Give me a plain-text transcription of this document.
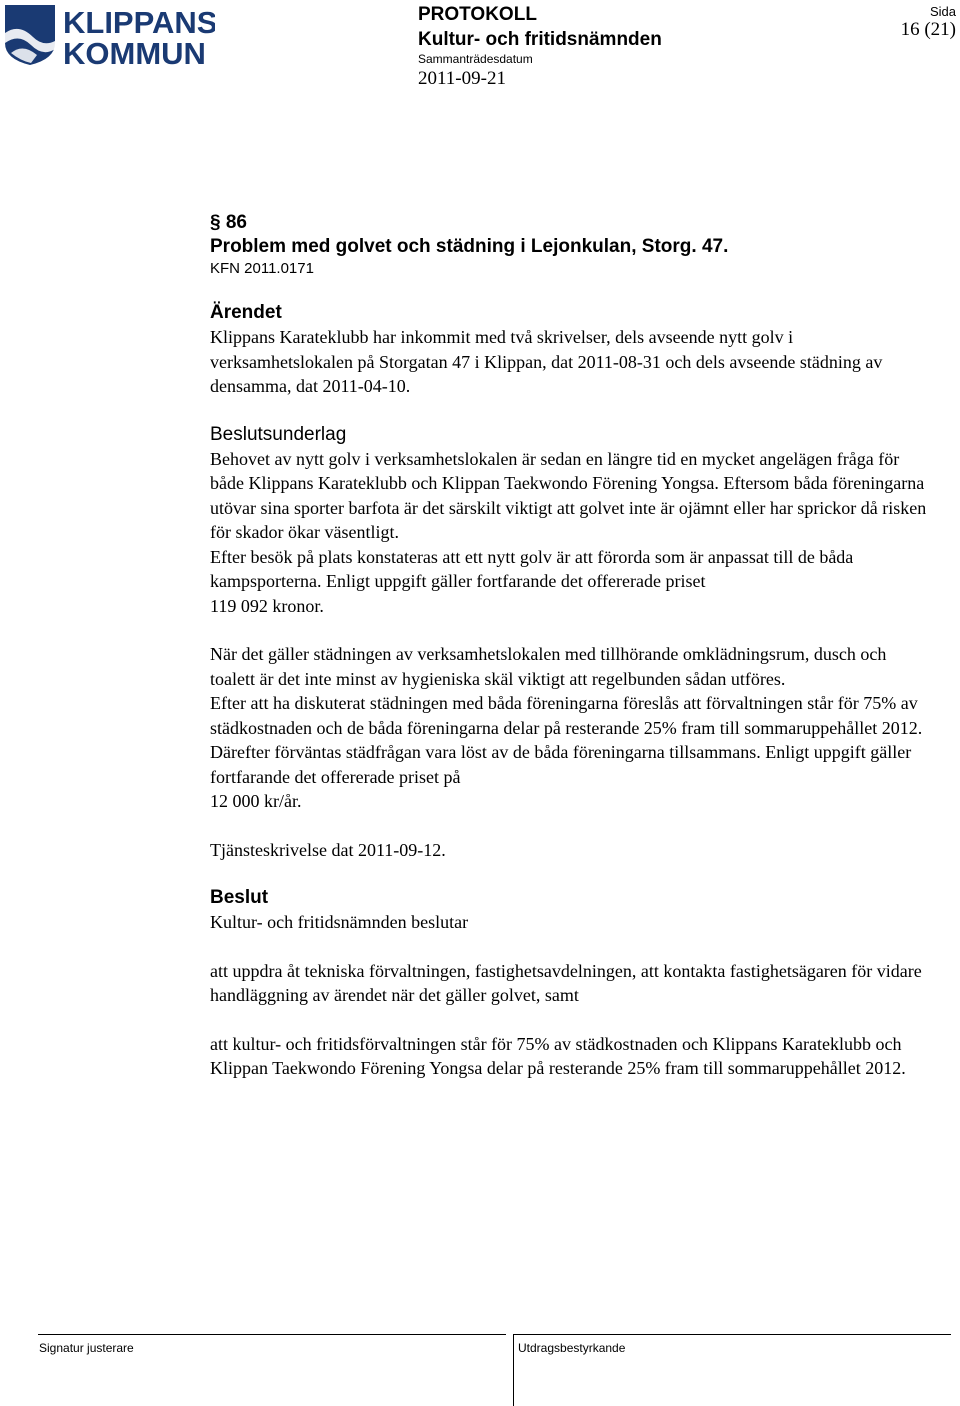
KLIPPANS
KOMMUN
PROTOKOLL
Kultur- och fritidsnämnden
Sammanträdesdatum
2011-09-21
Sida
16 (21)
§ 86
Problem med golvet och städning i Lejonkulan, Storg. 47.
KFN 2011.0171
Ärendet

Klippans Karateklubb har inkommit med två skrivelser, dels avseende nytt golv i verksamhetslokalen på Storgatan 47 i Klippan, dat 2011-08-31 och dels avseende städning av densamma, dat 2011-04-10.

Beslutsunderlag

Behovet av nytt golv i verksamhetslokalen är sedan en längre tid en mycket angelägen fråga för både Klippans Karateklubb och Klippan Taekwondo Förening Yongsa. Eftersom båda föreningarna utövar sina sporter barfota är det särskilt viktigt att golvet inte är ojämnt eller har sprickor då risken för skador ökar väsentligt.

Efter besök på plats konstateras att ett nytt golv är att förorda som är anpassat till de båda kampsporterna. Enligt uppgift gäller fortfarande det offererade priset

119 092 kronor.

När det gäller städningen av verksamhetslokalen med tillhörande omklädningsrum, dusch och toalett är det inte minst av hygieniska skäl viktigt att regelbunden sådan utföres.

Efter att ha diskuterat städningen med båda föreningarna föreslås att förvaltningen står för 75% av städkostnaden och de båda föreningarna delar på resterande 25% fram till sommaruppehållet 2012. Därefter förväntas städfrågan vara löst av de båda föreningarna tillsammans. Enligt uppgift gäller fortfarande det offererade priset på

12 000 kr/år.

Tjänsteskrivelse dat 2011-09-12.

Beslut

Kultur- och fritidsnämnden beslutar

att uppdra åt tekniska förvaltningen, fastighetsavdelningen, att kontakta fastighetsägaren för vidare handläggning av ärendet när det gäller golvet, samt

att kultur- och fritidsförvaltningen står för 75% av städkostnaden och Klippans Karateklubb och Klippan Taekwondo Förening Yongsa delar på resterande 25% fram till sommaruppehållet 2012.

Signatur justerare	Utdragsbestyrkande
